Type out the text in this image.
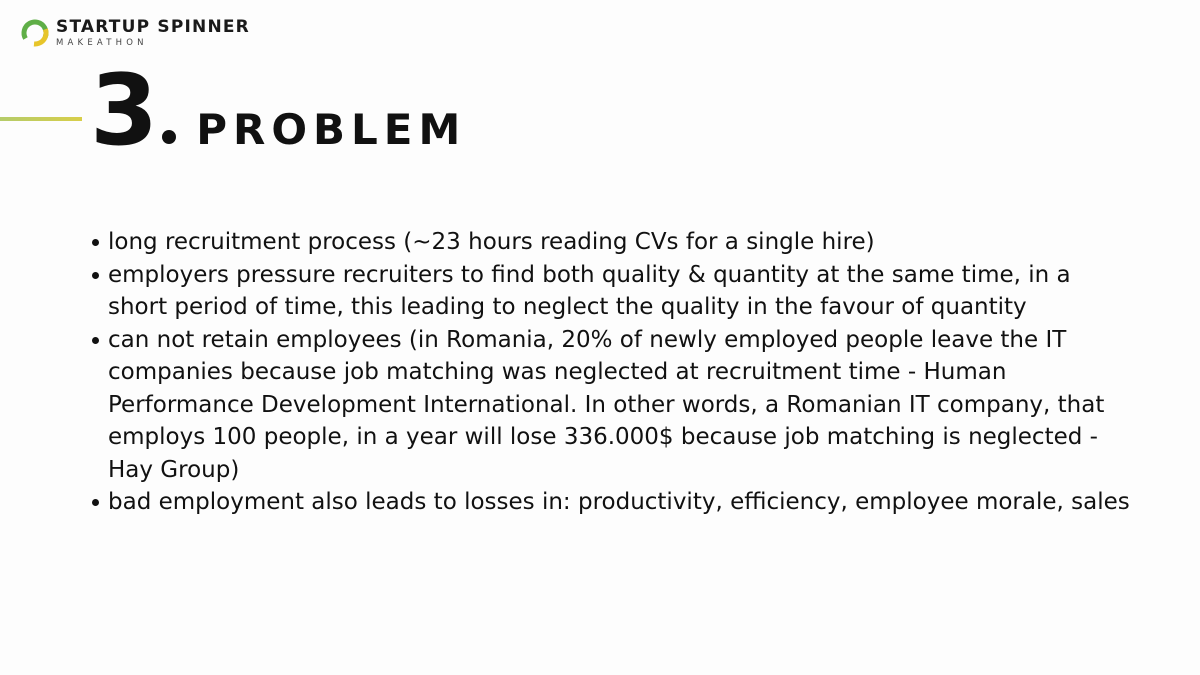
STARTUP SPINNER
MAKEATHON
3 PROBLEM
long recruitment process (~23 hours reading CVs for a single hire)
employers pressure recruiters to find both quality & quantity at the same time, in a short period of time, this leading to neglect the quality in the favour of quantity
can not retain employees (in Romania, 20% of newly employed people leave the IT companies because job matching was neglected at recruitment time - Human Performance Development International. In other words, a Romanian IT company, that employs 100 people, in a year will lose 336.000$ because job matching is neglected - Hay Group)
bad employment also leads to losses in: productivity, efficiency, employee morale, sales
